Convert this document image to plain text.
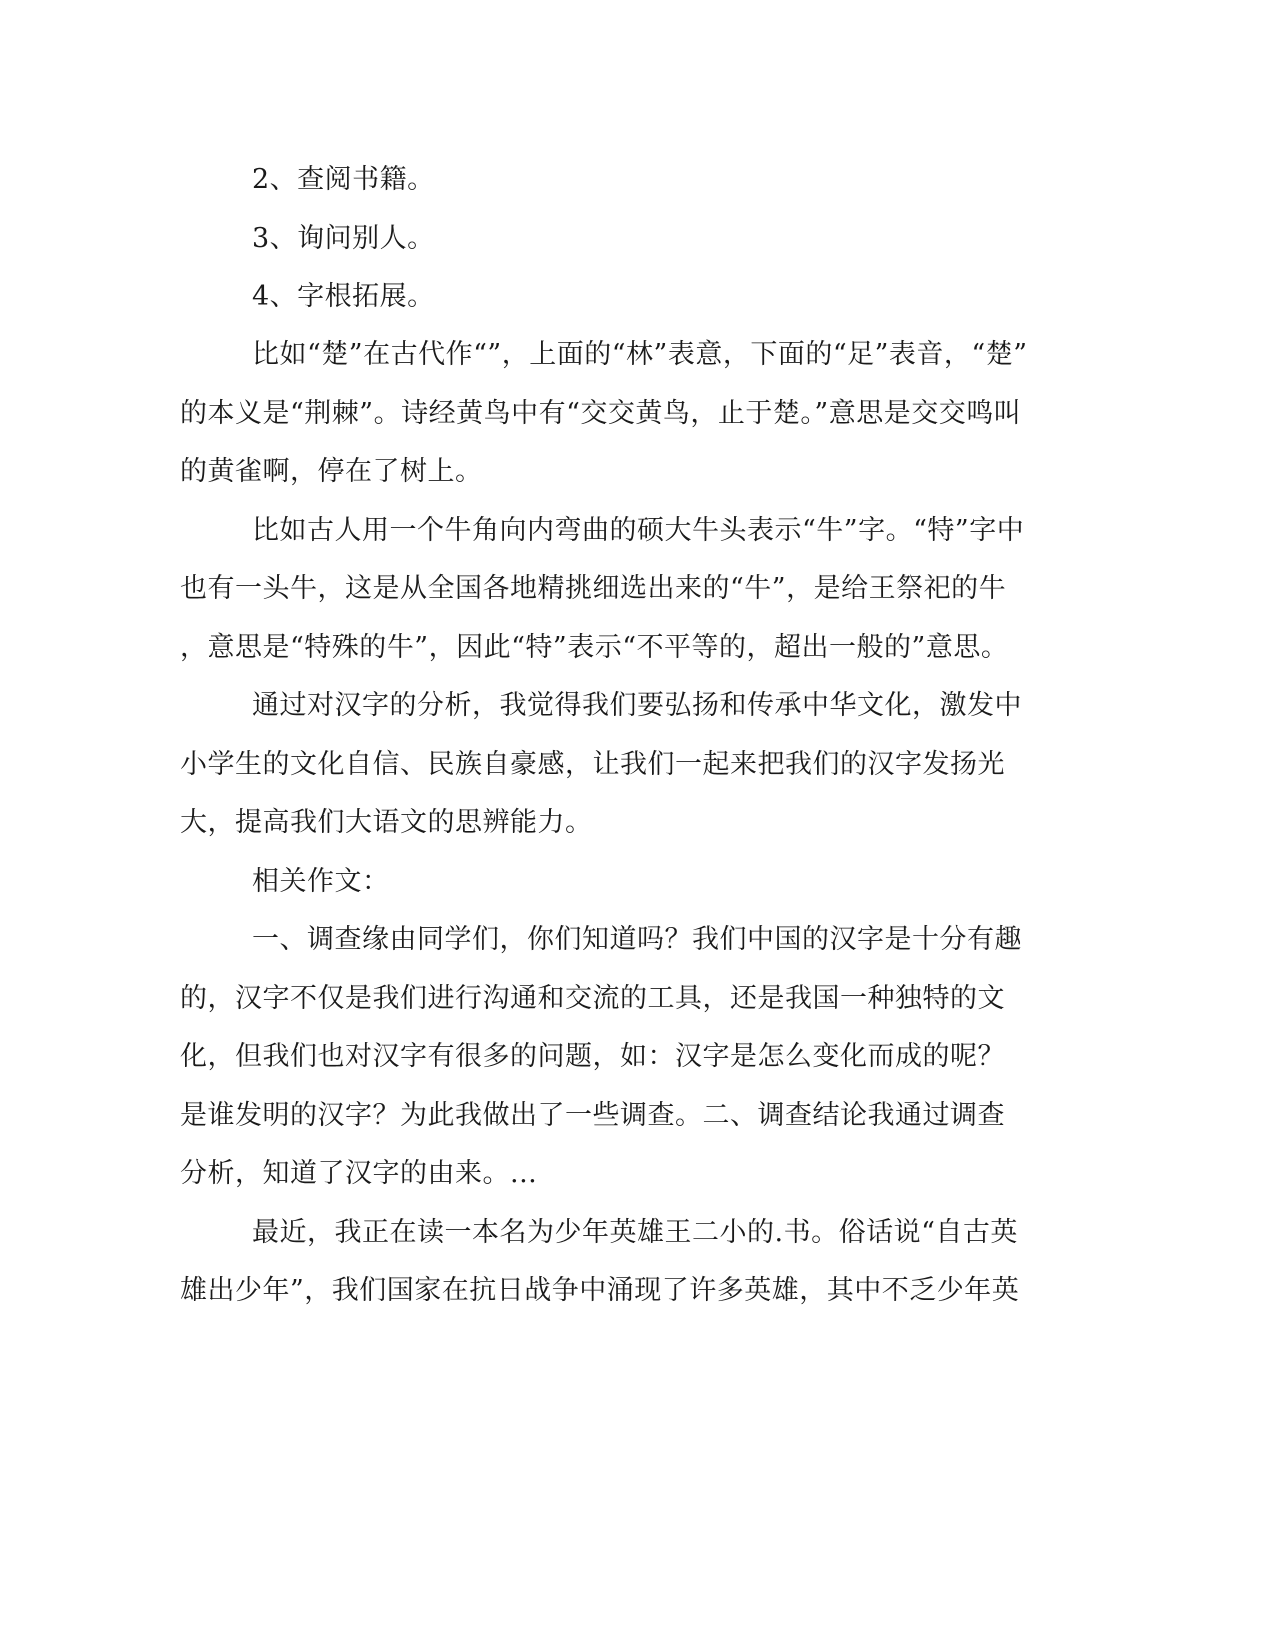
2、查阅书籍。
3、询问别人。
4、字根拓展。
比如“楚”在古代作“”，上面的“林”表意，下面的“足”表音，“楚”
的本义是“荆棘”。诗经黄鸟中有“交交黄鸟，止于楚。”意思是交交鸣叫
的黄雀啊，停在了树上。
比如古人用一个牛角向内弯曲的硕大牛头表示“牛”字。“特”字中
也有一头牛，这是从全国各地精挑细选出来的“牛”，是给王祭祀的牛
，意思是“特殊的牛”，因此“特”表示“不平等的，超出一般的”意思。
通过对汉字的分析，我觉得我们要弘扬和传承中华文化，激发中
小学生的文化自信、民族自豪感，让我们一起来把我们的汉字发扬光
大，提高我们大语文的思辨能力。
相关作文：
一、调查缘由同学们，你们知道吗？我们中国的汉字是十分有趣
的，汉字不仅是我们进行沟通和交流的工具，还是我国一种独特的文
化，但我们也对汉字有很多的问题，如：汉字是怎么变化而成的呢？
是谁发明的汉字？为此我做出了一些调查。二、调查结论我通过调查
分析，知道了汉字的由来。...
最近，我正在读一本名为少年英雄王二小的.书。俗话说“自古英
雄出少年”，我们国家在抗日战争中涌现了许多英雄，其中不乏少年英
